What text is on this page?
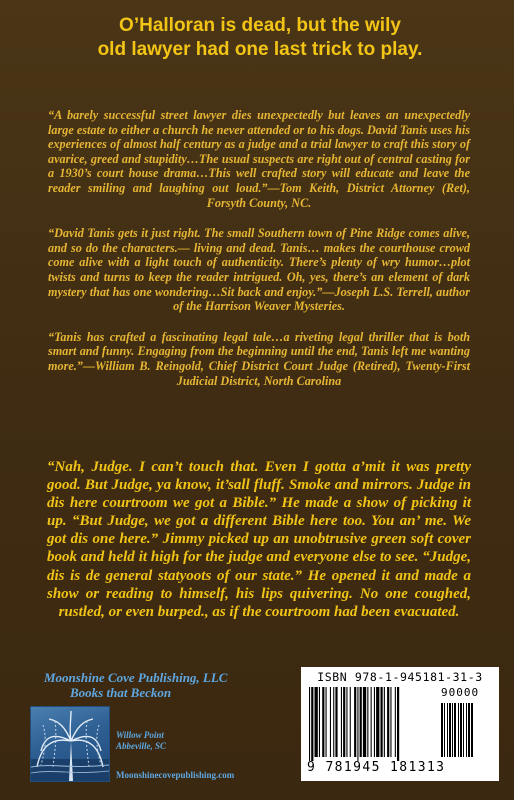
O’Halloran is dead, but the wily
old lawyer had one last trick to play.

“A barely successful street lawyer dies unexpectedly but leaves an unexpectedly large estate to either a church he never attended or to his dogs. David Tanis uses his experiences of almost half century as a judge and a trial lawyer to craft this story of avarice, greed and stupidity…The usual suspects are right out of central casting for a 1930’s court house drama…This well crafted story will educate and leave the reader smiling and laughing out loud.”—Tom Keith, District Attorney (Ret), Forsyth County, NC.

“David Tanis gets it just right. The small Southern town of Pine Ridge comes alive, and so do the characters.— living and dead. Tanis… makes the courthouse crowd come alive with a light touch of authenticity. There’s plenty of wry humor…plot twists and turns to keep the reader intrigued. Oh, yes, there’s an element of dark mystery that has one wondering…Sit back and enjoy.”—Joseph L.S. Terrell, author of the Harrison Weaver Mysteries.

“Tanis has crafted a fascinating legal tale…a riveting legal thriller that is both smart and funny. Engaging from the beginning until the end, Tanis left me wanting more.”—William B. Reingold, Chief District Court Judge (Retired), Twenty-First Judicial District, North Carolina

“Nah, Judge. I can’t touch that. Even I gotta a’mit it was pretty good. But Judge, ya know, it’sall fluff. Smoke and mirrors. Judge in dis here courtroom we got a Bible.” He made a show of picking it up. “But Judge, we got a different Bible here too. You an’ me. We got dis one here.” Jimmy picked up an unobtrusive green soft cover book and held it high for the judge and everyone else to see. “Judge, dis is de general statyoots of our state.” He opened it and made a show or reading to himself, his lips quivering. No one coughed, rustled, or even burped., as if the courtroom had been evacuated.

Moonshine Cove Publishing, LLC

Books that Beckon

Willow Point
Abbeville, SC
Moonshinecovepublishing.com

ISBN 978-1-945181-31-3

90000
9 781945 181313
